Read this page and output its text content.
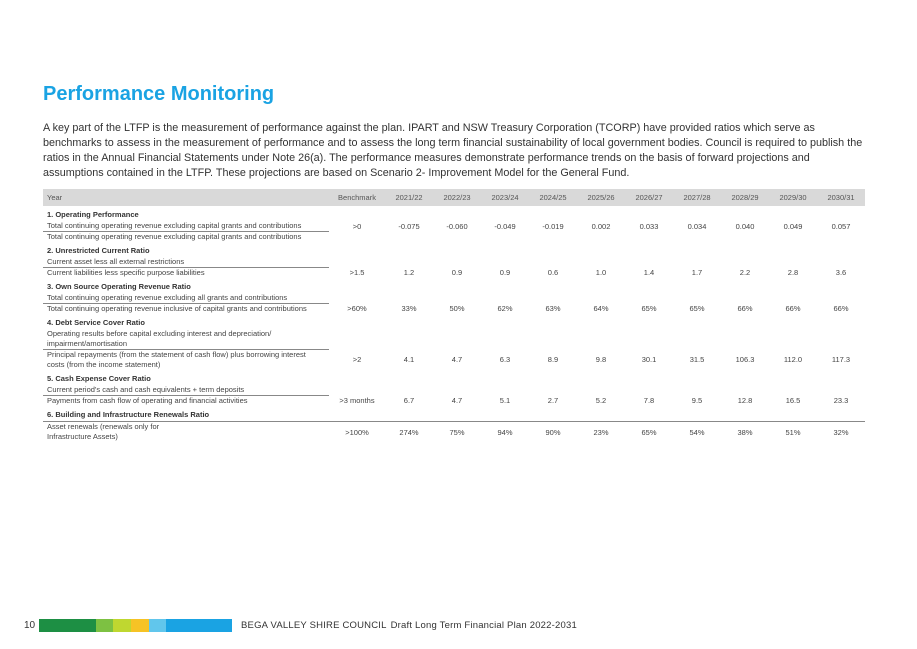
Performance Monitoring

A key part of the LTFP is the measurement of performance against the plan. IPART and NSW Treasury Corporation (TCORP) have provided ratios which serve as benchmarks to assess in the measurement of performance and to assess the long term financial sustainability of local government bodies. Council is required to publish the ratios in the Annual Financial Statements under Note 26(a). The performance measures demonstrate performance trends on the basis of forward projections and assumptions contained in the LTFP. These projections are based on Scenario 2- Improvement Model for the General Fund.

Year	Benchmark	2021/22	2022/23	2023/24	2024/25	2025/26	2026/27	2027/28	2028/29	2029/30	2030/31
1. Operating Performance											
Total continuing operating revenue excluding capital grants and contributions	>0	-0.075	-0.060	-0.049	-0.019	0.002	0.033	0.034	0.040	0.049	0.057
Total continuing operating revenue excluding capital grants and contributions											
2. Unrestricted Current Ratio											
Current asset less all external restrictions											
Current liabilities less specific purpose liabilities	>1.5	1.2	0.9	0.9	0.6	1.0	1.4	1.7	2.2	2.8	3.6
3. Own Source Operating Revenue Ratio											
Total continuing operating revenue excluding all grants and contributions											
Total continuing operating revenue inclusive of capital grants and contributions	>60%	33%	50%	62%	63%	64%	65%	65%	66%	66%	66%
4. Debt Service Cover Ratio											
Operating results before capital excluding interest and depreciation/ impairment/amortisation											
Principal repayments (from the statement of cash flow) plus borrowing interest costs (from the income statement)	>2	4.1	4.7	6.3	8.9	9.8	30.1	31.5	106.3	112.0	117.3
5. Cash Expense Cover Ratio											
Current period's cash and cash equivalents + term deposits											
Payments from cash flow of operating and financial activities	>3 months	6.7	4.7	5.1	2.7	5.2	7.8	9.5	12.8	16.5	23.3
6. Building and Infrastructure Renewals Ratio											

Asset renewals (renewals only for Infrastructure Assets)	>100%	274%	75%	94%	90%	23%	65%	54%	38%	51%	32%
10	BEGA VALLEY SHIRE COUNCIL Draft Long Term Financial Plan 2022-2031
